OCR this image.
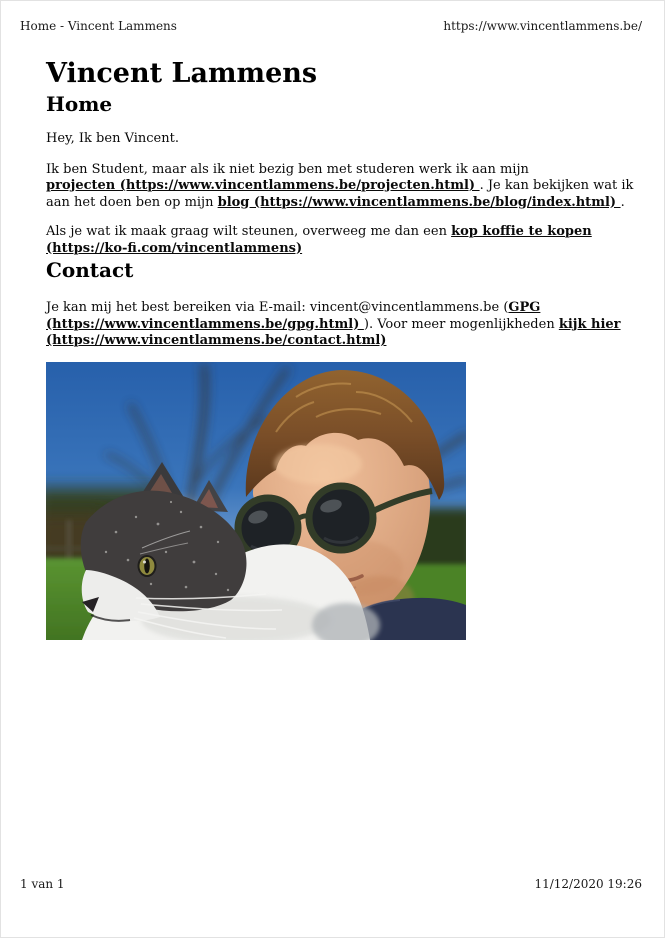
Home - Vincent Lammens	https://www.vincentlammens.be/
Vincent Lammens
Home
Hey, Ik ben Vincent.
Ik ben Student, maar als ik niet bezig ben met studeren werk ik aan mijn
projecten (https://www.vincentlammens.be/projecten.html) . Je kan bekijken wat ik
aan het doen ben op mijn blog (https://www.vincentlammens.be/blog/index.html) .
Als je wat ik maak graag wilt steunen, overweeg me dan een kop koffie te kopen
(https://ko-fi.com/vincentlammens)
Contact
Je kan mij het best bereiken via E-mail: vincent@vincentlammens.be (GPG
(https://www.vincentlammens.be/gpg.html) ). Voor meer mogenlijkheden kijk hier
(https://www.vincentlammens.be/contact.html)
1 van 1	11/12/2020 19:26
